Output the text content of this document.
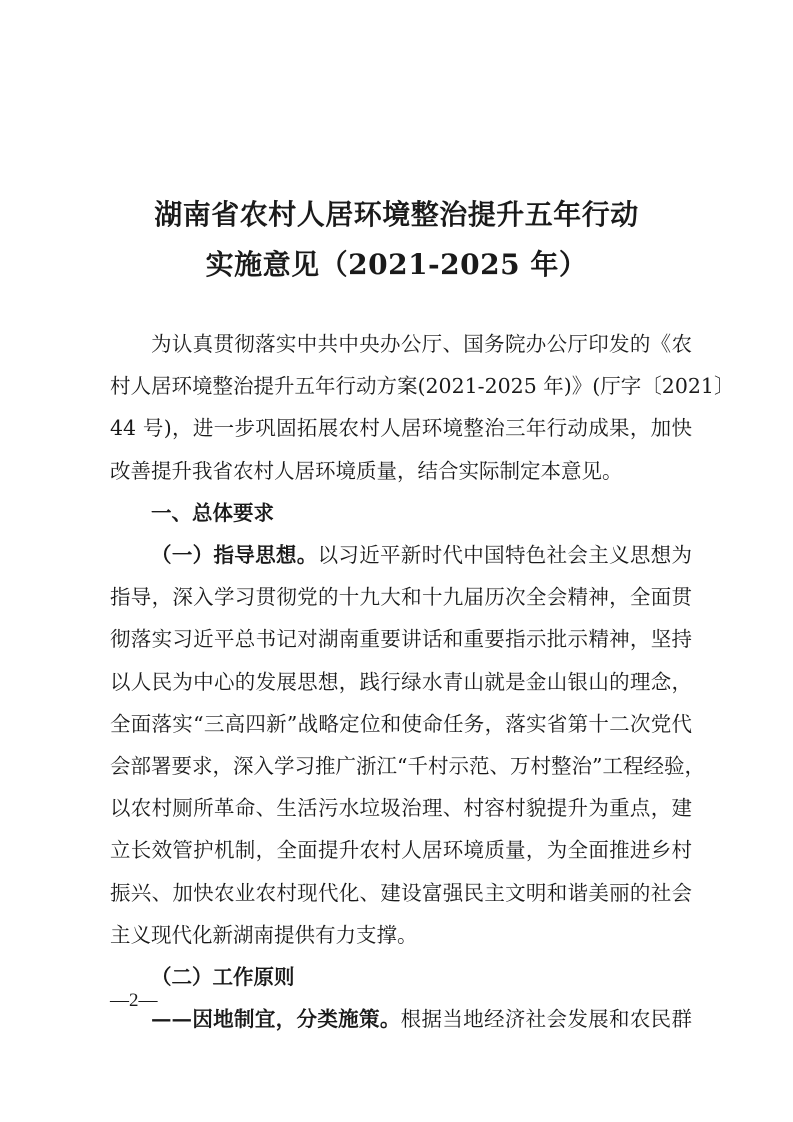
湖南省农村人居环境整治提升五年行动
实施意见（2021-2025 年）
为认真贯彻落实中共中央办公厅、国务院办公厅印发的《农
村人居环境整治提升五年行动方案(2021-2025 年)》(厅字〔2021〕
44 号)，进一步巩固拓展农村人居环境整治三年行动成果，加快
改善提升我省农村人居环境质量，结合实际制定本意见。
一、总体要求
（一）指导思想。以习近平新时代中国特色社会主义思想为
指导，深入学习贯彻党的十九大和十九届历次全会精神，全面贯
彻落实习近平总书记对湖南重要讲话和重要指示批示精神，坚持
以人民为中心的发展思想，践行绿水青山就是金山银山的理念，
全面落实“三高四新”战略定位和使命任务，落实省第十二次党代
会部署要求，深入学习推广浙江“千村示范、万村整治”工程经验，
以农村厕所革命、生活污水垃圾治理、村容村貌提升为重点，建
立长效管护机制，全面提升农村人居环境质量，为全面推进乡村
振兴、加快农业农村现代化、建设富强民主文明和谐美丽的社会
主义现代化新湖南提供有力支撑。
（二）工作原则
——因地制宜，分类施策。根据当地经济社会发展和农民群
—2—
